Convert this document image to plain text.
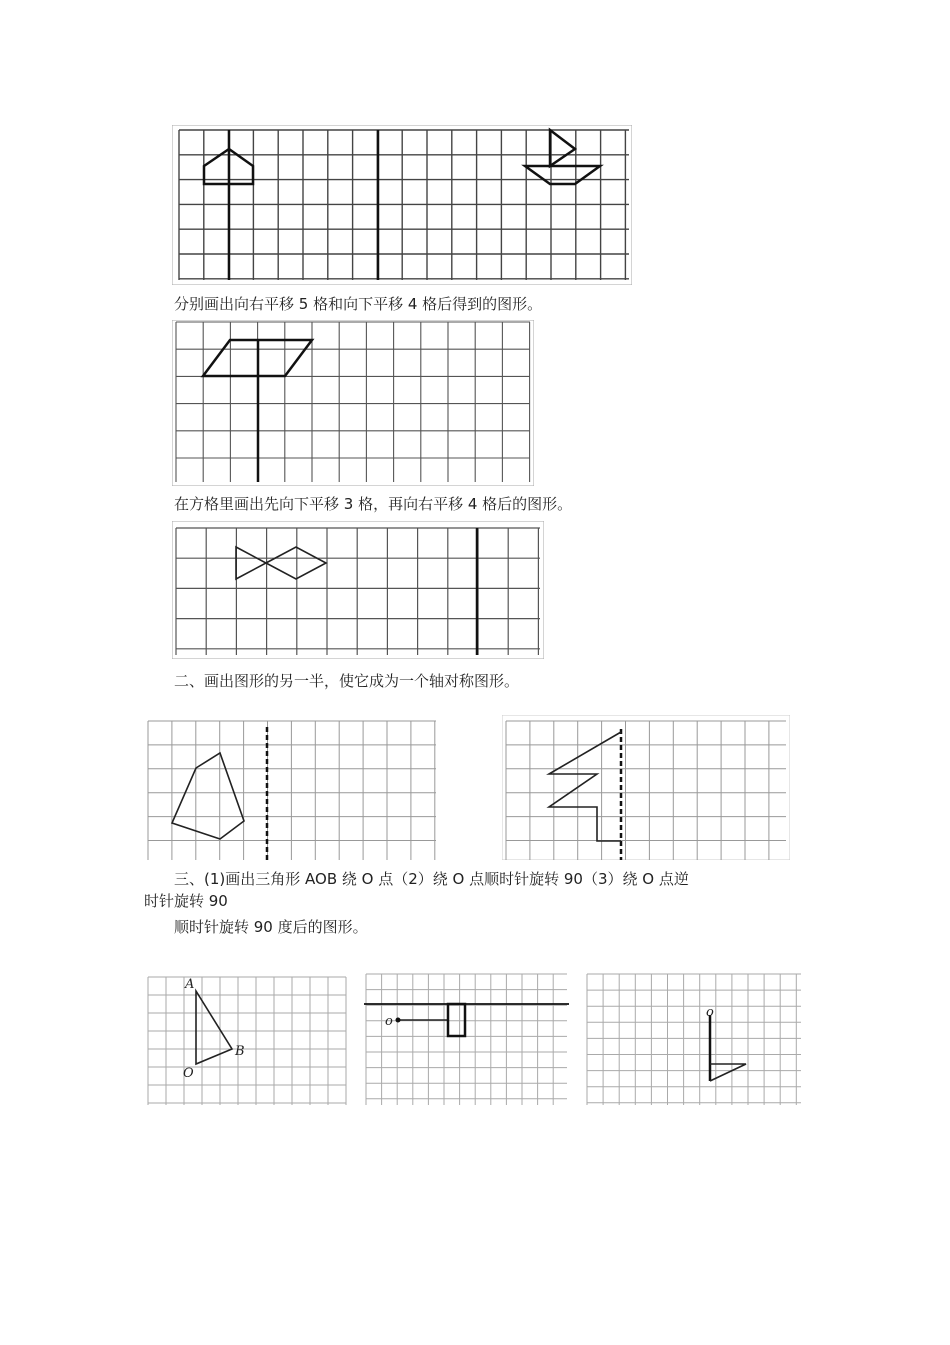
分别画出向右平移 5 格和向下平移 4 格后得到的图形。
在方格里画出先向下平移 3 格，再向右平移 4 格后的图形。
二、画出图形的另一半，使它成为一个轴对称图形。
三、(1)画出三角形 AOB 绕 O 点（2）绕 O 点顺时针旋转 90（3）绕 O 点逆
时针旋转 90
顺时针旋转 90 度后的图形。
A
B
O
o
o
